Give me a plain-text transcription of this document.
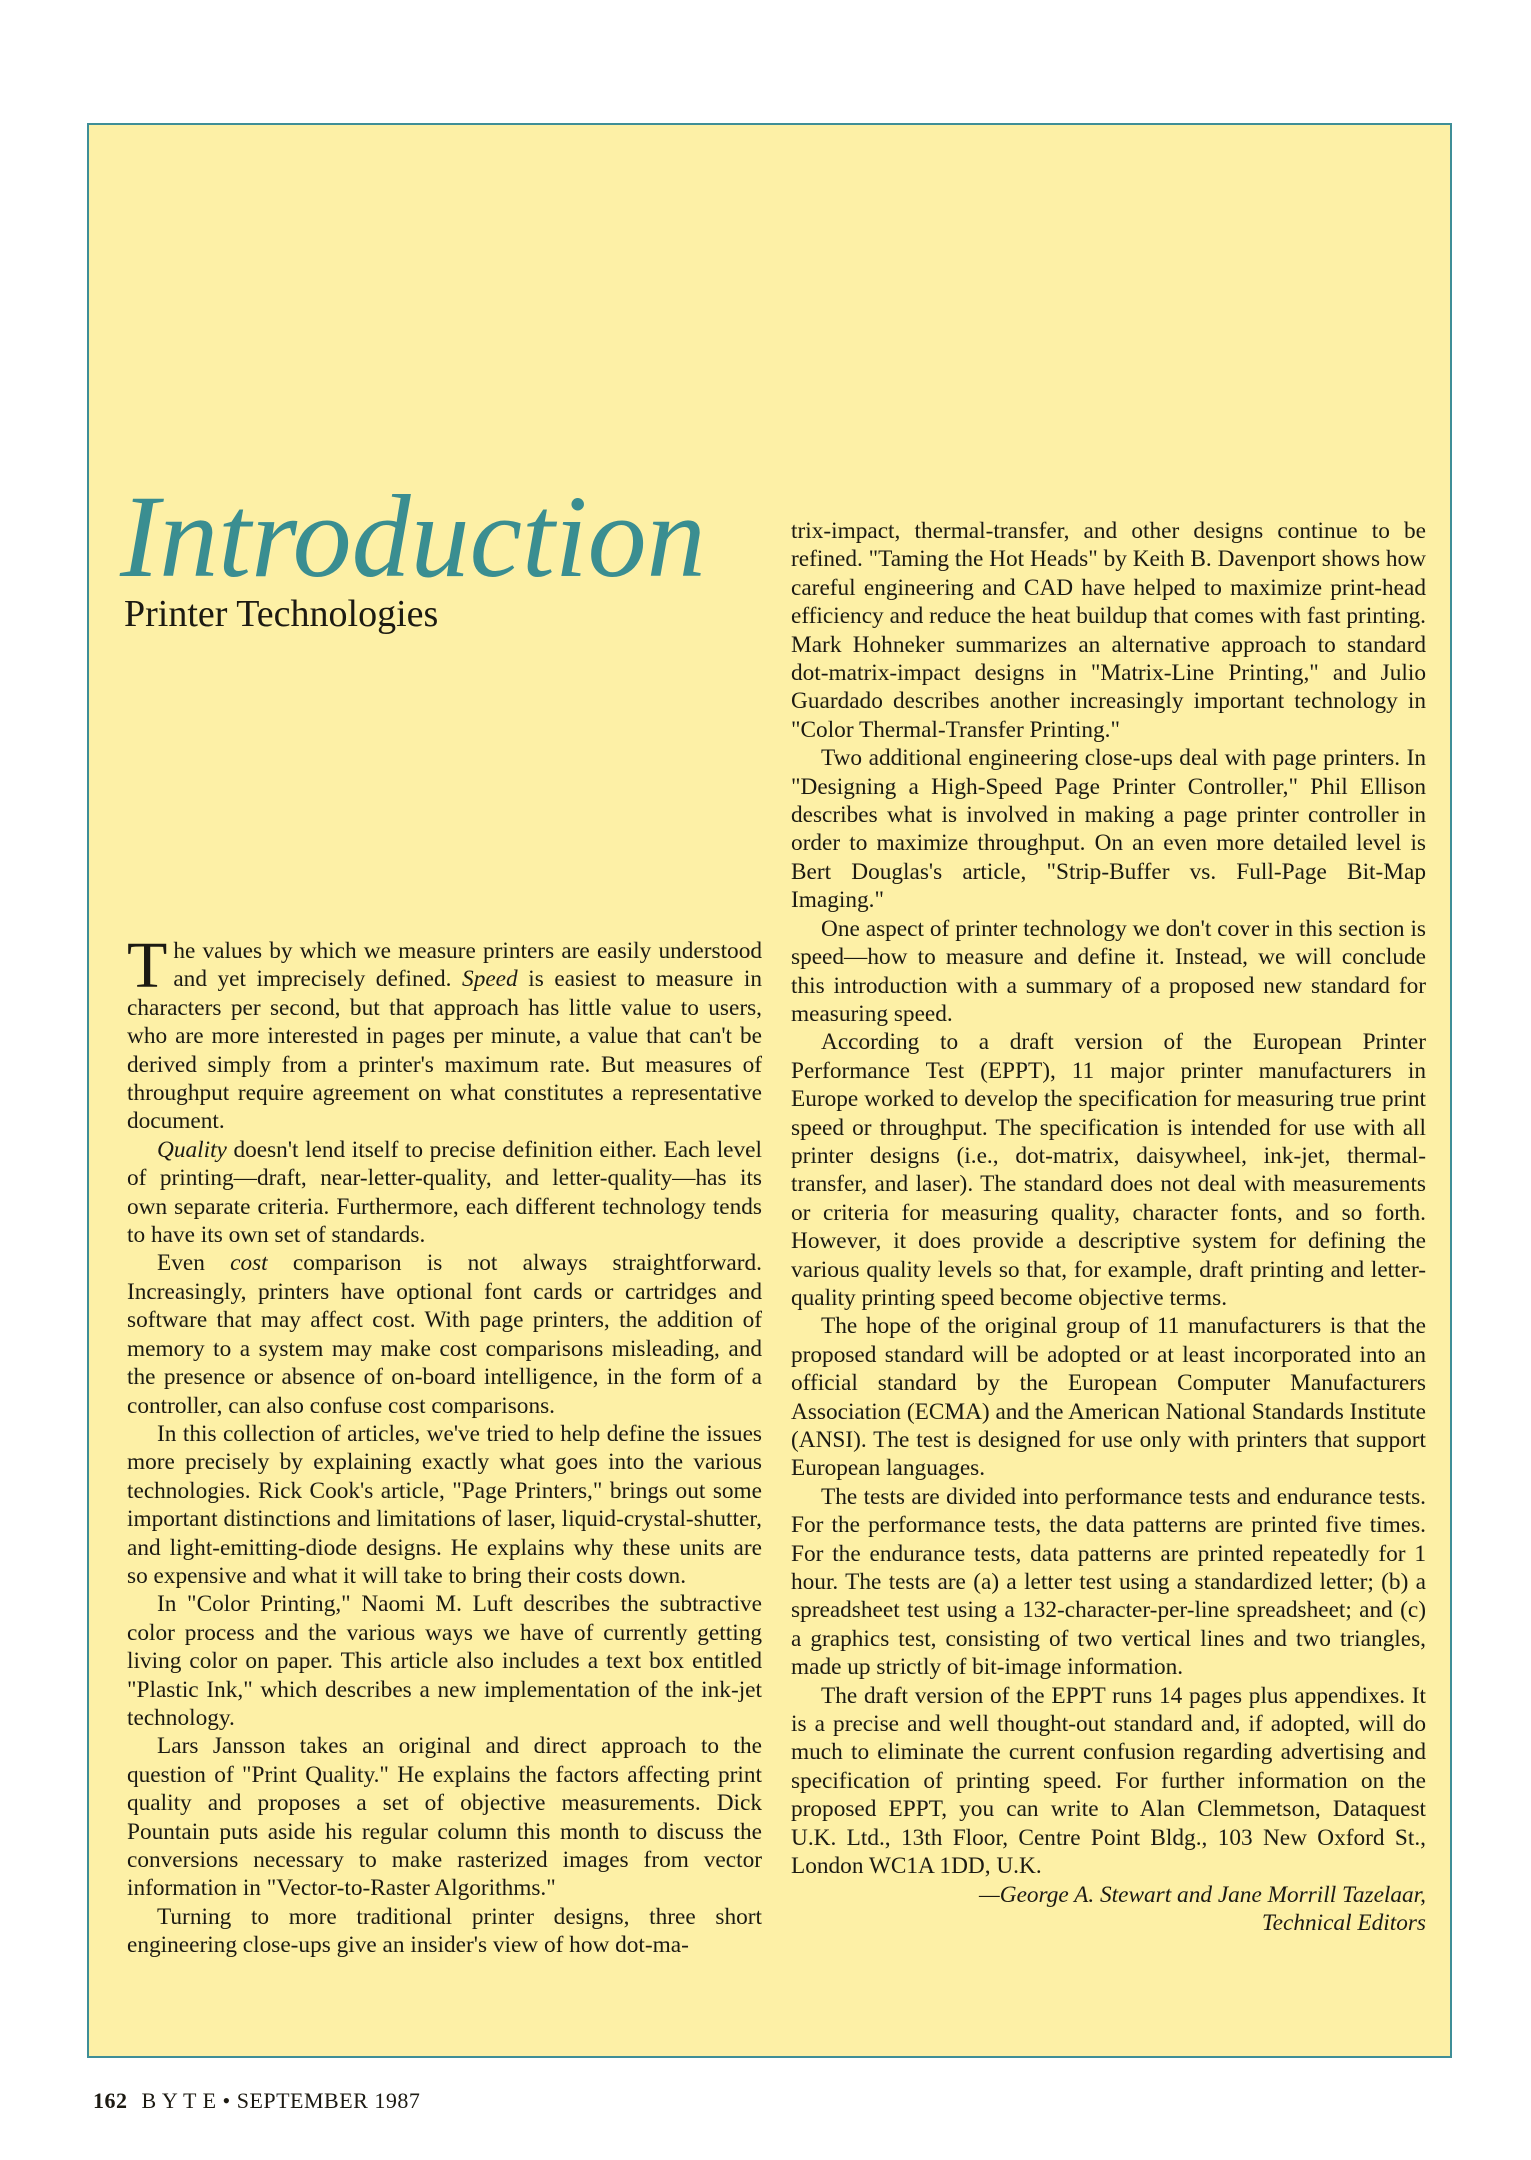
Introduction
Printer Technologies

The values by which we measure printers are easily understood and yet imprecisely defined. Speed is easiest to measure in characters per second, but that approach has little value to users, who are more interested in pages per minute, a value that can't be derived simply from a printer's maximum rate. But measures of throughput require agreement on what constitutes a representative document.

Quality doesn't lend itself to precise definition either. Each level of printing—draft, near-letter-quality, and letter-quality—has its own separate criteria. Furthermore, each different technology tends to have its own set of standards.

Even cost comparison is not always straightforward. Increasingly, printers have optional font cards or cartridges and software that may affect cost. With page printers, the addition of memory to a system may make cost comparisons misleading, and the presence or absence of on-board intelligence, in the form of a controller, can also confuse cost comparisons.

In this collection of articles, we've tried to help define the issues more precisely by explaining exactly what goes into the various technologies. Rick Cook's article, "Page Printers," brings out some important distinctions and limitations of laser, liquid-crystal-shutter, and light-emitting-diode designs. He explains why these units are so expensive and what it will take to bring their costs down.

In "Color Printing," Naomi M. Luft describes the subtractive color process and the various ways we have of currently getting living color on paper. This article also includes a text box entitled "Plastic Ink," which describes a new implementation of the ink-jet technology.

Lars Jansson takes an original and direct approach to the question of "Print Quality." He explains the factors affecting print quality and proposes a set of objective measurements. Dick Pountain puts aside his regular column this month to discuss the conversions necessary to make rasterized images from vector information in "Vector-to-Raster Algorithms."

Turning to more traditional printer designs, three short engineering close-ups give an insider's view of how dot-ma-

trix-impact, thermal-transfer, and other designs continue to be refined. "Taming the Hot Heads" by Keith B. Davenport shows how careful engineering and CAD have helped to maximize print-head efficiency and reduce the heat buildup that comes with fast printing. Mark Hohneker summarizes an alternative approach to standard dot-matrix-impact designs in "Matrix-Line Printing," and Julio Guardado describes another increasingly important technology in "Color Thermal-Transfer Printing."

Two additional engineering close-ups deal with page printers. In "Designing a High-Speed Page Printer Controller," Phil Ellison describes what is involved in making a page printer controller in order to maximize throughput. On an even more detailed level is Bert Douglas's article, "Strip-Buffer vs. Full-Page Bit-Map Imaging."

One aspect of printer technology we don't cover in this section is speed—how to measure and define it. Instead, we will conclude this introduction with a summary of a proposed new standard for measuring speed.

According to a draft version of the European Printer Performance Test (EPPT), 11 major printer manufacturers in Europe worked to develop the specification for measuring true print speed or throughput. The specification is intended for use with all printer designs (i.e., dot-matrix, daisywheel, ink-jet, thermal-transfer, and laser). The standard does not deal with measurements or criteria for measuring quality, character fonts, and so forth. However, it does provide a descriptive system for defining the various quality levels so that, for example, draft printing and letter-quality printing speed become objective terms.

The hope of the original group of 11 manufacturers is that the proposed standard will be adopted or at least incorporated into an official standard by the European Computer Manufacturers Association (ECMA) and the American National Standards Institute (ANSI). The test is designed for use only with printers that support European languages.

The tests are divided into performance tests and endurance tests. For the performance tests, the data patterns are printed five times. For the endurance tests, data patterns are printed repeatedly for 1 hour. The tests are (a) a letter test using a standardized letter; (b) a spreadsheet test using a 132-character-per-line spreadsheet; and (c) a graphics test, consisting of two vertical lines and two triangles, made up strictly of bit-image information.

The draft version of the EPPT runs 14 pages plus appendixes. It is a precise and well thought-out standard and, if adopted, will do much to eliminate the current confusion regarding advertising and specification of printing speed. For further information on the proposed EPPT, you can write to Alan Clemmetson, Dataquest U.K. Ltd., 13th Floor, Centre Point Bldg., 103 New Oxford St., London WC1A 1DD, U.K.

—George A. Stewart and Jane Morrill Tazelaar,

Technical Editors

162 B Y T E • SEPTEMBER 1987
